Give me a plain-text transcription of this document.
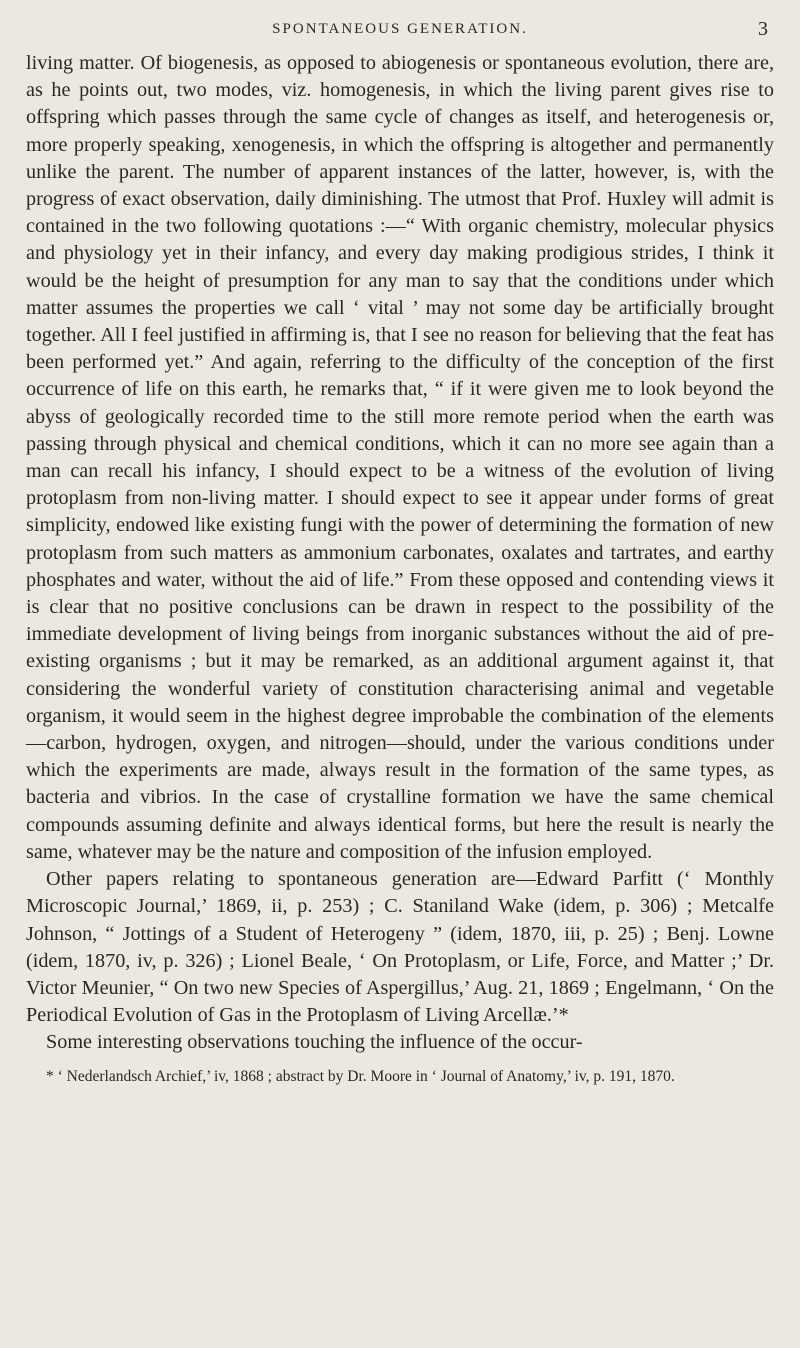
SPONTANEOUS GENERATION.	3

living matter. Of biogenesis, as opposed to abiogenesis or spontaneous evolution, there are, as he points out, two modes, viz. homogenesis, in which the living parent gives rise to offspring which passes through the same cycle of changes as itself, and heterogenesis or, more properly speaking, xenogenesis, in which the offspring is altogether and permanently unlike the parent. The number of apparent instances of the latter, however, is, with the progress of exact observation, daily diminishing. The utmost that Prof. Huxley will admit is contained in the two following quotations :—“ With organic chemistry, molecular physics and physiology yet in their infancy, and every day making prodigious strides, I think it would be the height of presumption for any man to say that the conditions under which matter assumes the properties we call ‘ vital ’ may not some day be artificially brought together. All I feel justified in affirming is, that I see no reason for believing that the feat has been performed yet.” And again, referring to the difficulty of the conception of the first occurrence of life on this earth, he remarks that, “ if it were given me to look beyond the abyss of geologically recorded time to the still more remote period when the earth was passing through physical and chemical conditions, which it can no more see again than a man can recall his infancy, I should expect to be a witness of the evolution of living protoplasm from non-living matter. I should expect to see it appear under forms of great simplicity, endowed like existing fungi with the power of determining the formation of new protoplasm from such matters as ammonium carbonates, oxalates and tartrates, and earthy phosphates and water, without the aid of life.” From these opposed and contending views it is clear that no positive conclusions can be drawn in respect to the possibility of the immediate development of living beings from inorganic substances without the aid of pre-existing organisms ; but it may be remarked, as an additional argument against it, that considering the wonderful variety of constitution characterising animal and vegetable organism, it would seem in the highest degree improbable the combination of the elements—carbon, hydrogen, oxygen, and nitrogen—should, under the various conditions under which the experiments are made, always result in the formation of the same types, as bacteria and vibrios. In the case of crystalline formation we have the same chemical compounds assuming definite and always identical forms, but here the result is nearly the same, whatever may be the nature and composition of the infusion employed.

Other papers relating to spontaneous generation are—Edward Parfitt (‘ Monthly Microscopic Journal,’ 1869, ii, p. 253) ; C. Staniland Wake (idem, p. 306) ; Metcalfe Johnson, “ Jottings of a Student of Heterogeny ” (idem, 1870, iii, p. 25) ; Benj. Lowne (idem, 1870, iv, p. 326) ; Lionel Beale, ‘ On Protoplasm, or Life, Force, and Matter ;’ Dr. Victor Meunier, “ On two new Species of Aspergillus,’ Aug. 21, 1869 ; Engelmann, ‘ On the Periodical Evolution of Gas in the Protoplasm of Living Arcellæ.’*

Some interesting observations touching the influence of the occur-

* ‘ Nederlandsch Archief,’ iv, 1868 ; abstract by Dr. Moore in ‘ Journal of Anatomy,’ iv, p. 191, 1870.
